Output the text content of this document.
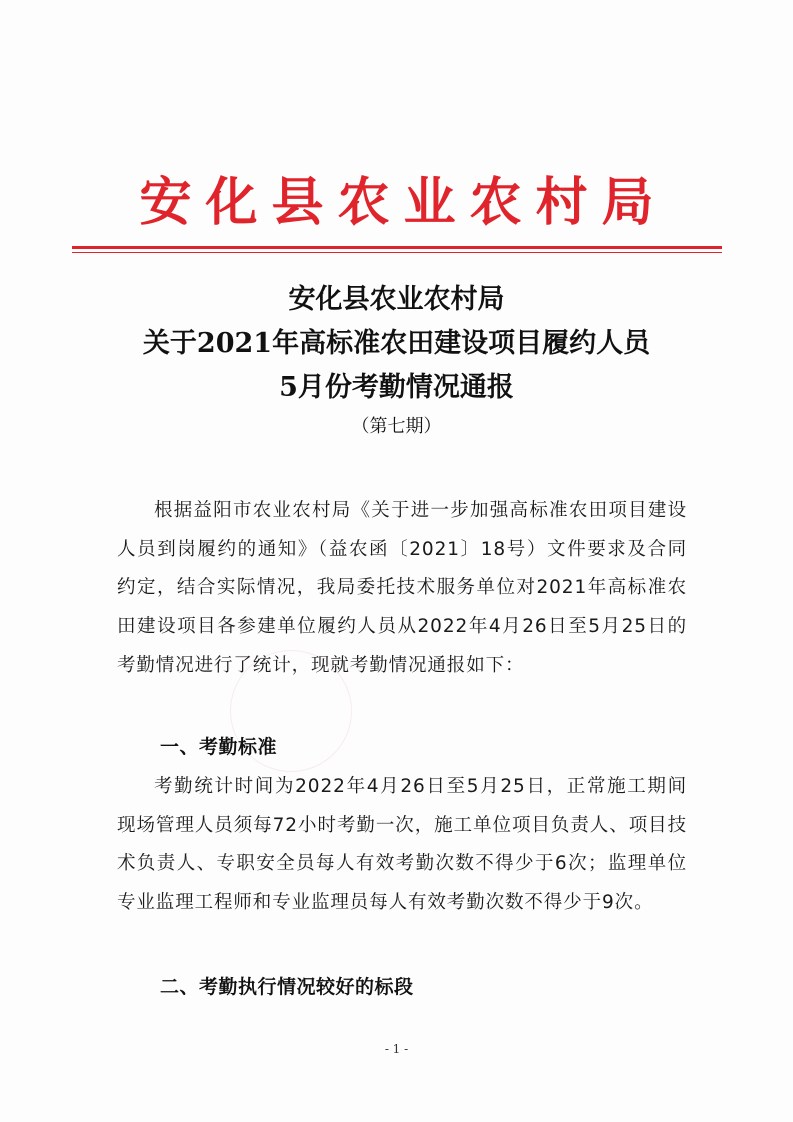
安化县农业农村局
安化县农业农村局
关于2021年高标准农田建设项目履约人员
5月份考勤情况通报
（第七期）
根据益阳市农业农村局《关于进一步加强高标准农田项目建设人员到岗履约的通知》（益农函〔2021〕18号）文件要求及合同约定，结合实际情况，我局委托技术服务单位对2021年高标准农田建设项目各参建单位履约人员从2022年4月26日至5月25日的考勤情况进行了统计，现就考勤情况通报如下：
一、考勤标准
考勤统计时间为2022年4月26日至5月25日，正常施工期间现场管理人员须每72小时考勤一次，施工单位项目负责人、项目技术负责人、专职安全员每人有效考勤次数不得少于6次；监理单位专业监理工程师和专业监理员每人有效考勤次数不得少于9次。
二、考勤执行情况较好的标段
- 1 -
